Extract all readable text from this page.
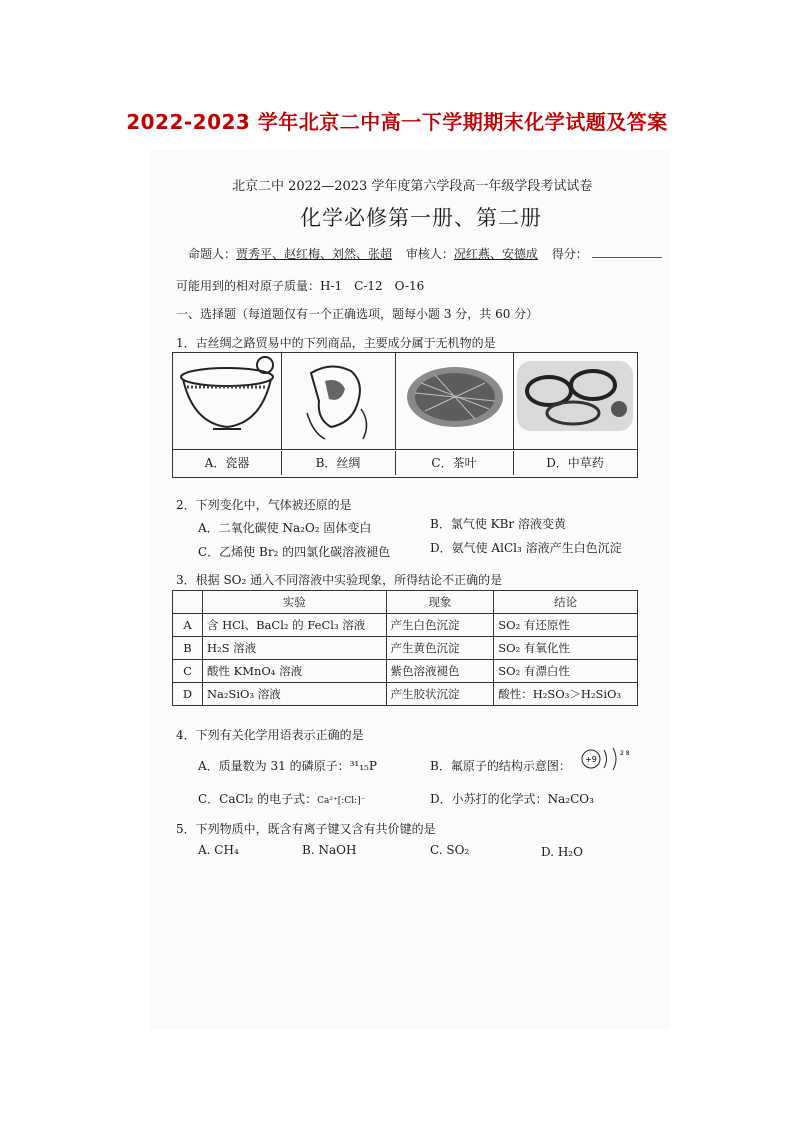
2022-2023 学年北京二中高一下学期期末化学试题及答案
北京二中 2022—2023 学年度第六学段高一年级学段考试试卷
化学必修第一册、第二册
命题人：贾秀平、赵红梅、刘然、张超 审核人：况红燕、安德成 得分：
可能用到的相对原子质量：H-1　C-12　O-16
一、选择题（每道题仅有一个正确选项，题每小题 3 分，共 60 分）
1．古丝绸之路贸易中的下列商品，主要成分属于无机物的是
A．瓷器	B．丝绸	C．茶叶	D．中草药
2．下列变化中，气体被还原的是
A．二氧化碳使 Na₂O₂ 固体变白	B．氯气使 KBr 溶液变黄
C．乙烯使 Br₂ 的四氯化碳溶液褪色	D．氨气使 AlCl₃ 溶液产生白色沉淀
3．根据 SO₂ 通入不同溶液中实验现象，所得结论不正确的是
	实验	现象	结论
A	含 HCl、BaCl₂ 的 FeCl₃ 溶液	产生白色沉淀	SO₂ 有还原性
B	H₂S 溶液	产生黄色沉淀	SO₂ 有氧化性
C	酸性 KMnO₄ 溶液	紫色溶液褪色	SO₂ 有漂白性
D	Na₂SiO₃ 溶液	产生胶状沉淀	酸性：H₂SO₃＞H₂SiO₃
4．下列有关化学用语表示正确的是
A．质量数为 31 的磷原子：³¹₁₅P	B．氟原子的结构示意图： +9
2 8
C．CaCl₂ 的电子式：Ca²⁺[:Cl:]⁻	D．小苏打的化学式：Na₂CO₃
5．下列物质中，既含有离子键又含有共价键的是
A. CH₄	B. NaOH	C. SO₂	D. H₂O
